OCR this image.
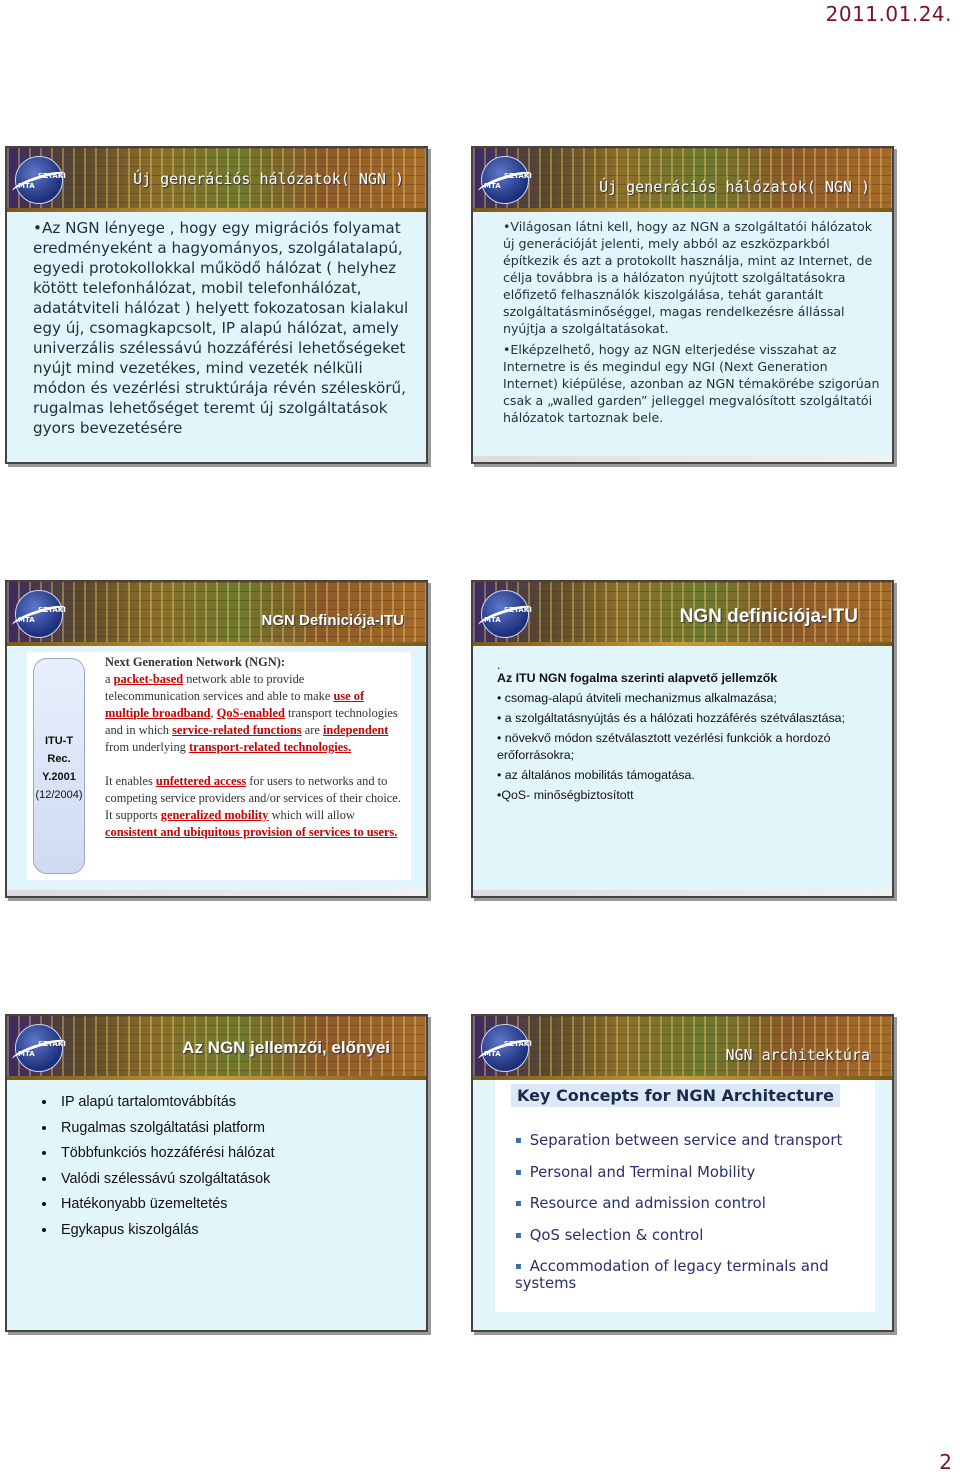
2011.01.24.
MTA
SZTAKI	Új generációs hálózatok( NGN )
•Az NGN lényege , hogy egy migrációs folyamat eredményeként a hagyományos, szolgálatalapú, egyedi protokollokkal működő hálózat ( helyhez kötött telefonhálózat, mobil telefonhálózat, adatátviteli hálózat ) helyett fokozatosan kialakul egy új, csomagkapcsolt, IP alapú hálózat, amely univerzális szélessávú hozzáférési lehetőségeket nyújt mind vezetékes, mind vezeték nélküli módon és vezérlési struktúrája révén széleskörű, rugalmas lehetőséget teremt új szolgáltatások gyors bevezetésére
MTA
SZTAKI
Új generációs hálózatok( NGN )

•Világosan látni kell, hogy az NGN a szolgáltatói hálózatok új generációját jelenti, mely abból az eszközparkból építkezik és azt a protokollt használja, mint az Internet, de célja továbbra is a hálózaton nyújtott szolgáltatásokra előfizető felhasználók kiszolgálása, tehát garantált szolgáltatásminőséggel, magas rendelkezésre állással nyújtja a szolgáltatásokat.

•Elképzelhető, hogy az NGN elterjedése visszahat az Internetre is és megindul egy NGI (Next Generation Internet) kiépülése, azonban az NGN témakörébe szigorúan csak a „walled garden” jelleggel megvalósított szolgáltatói hálózatok tartoznak bele.

MTA
SZTAKI
NGN Definiciója-ITU
ITU-T
Rec.
Y.2001
(12/2004)
Next Generation Network (NGN):
a packet-based network able to provide telecommunication services and able to make use of multiple broadband, QoS-enabled transport technologies and in which service-related functions are independent from underlying transport-related technologies.
It enables unfettered access for users to networks and to competing service providers and/or services of their choice. It supports generalized mobility which will allow consistent and ubiquitous provision of services to users.
MTA
SZTAKI	NGN definiciója-ITU
.
Az ITU NGN fogalma szerinti alapvető jellemzők
• csomag-alapú átviteli mechanizmus alkalmazása;
• a szolgáltatásnyújtás és a hálózati hozzáférés szétválasztása;
• növekvő módon szétválasztott vezérlési funkciók a hordozó erőforrásokra;
• az általános mobilitás támogatása.
•QoS- minőségbiztosított
MTA
SZTAKI	Az NGN jellemzői, előnyei
• IP alapú tartalomtovábbítás
• Rugalmas szolgáltatási platform
• Többfunkciós hozzáférési hálózat
• Valódi szélessávú szolgáltatások
• Hatékonyabb üzemeltetés
• Egykapus kiszolgálás
MTA
SZTAKI
NGN architektúra
Key Concepts for NGN Architecture
▪ Separation between service and transport
▪ Personal and Terminal Mobility
▪ Resource and admission control
▪ QoS selection & control
▪ Accommodation of legacy terminals and systems
2
